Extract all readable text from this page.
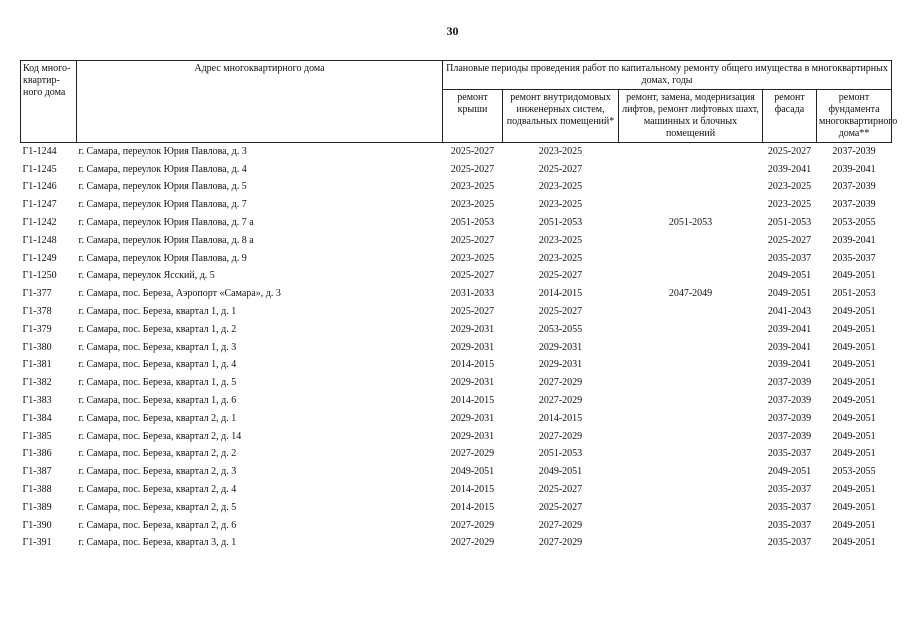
30
Код много-квартир-ного дома	Адрес многоквартирного дома	Плановые периоды проведения работ по капитальному ремонту общего имущества в многоквартирных домах, годы				
		ремонт крыши	ремонт внутридомовых инженерных систем, подвальных помещений*	ремонт, замена, модернизация лифтов, ремонт лифтовых шахт, машинных и блочных помещений	ремонт фасада	ремонт фундамента многоквартирного дома**
Г1-1244	г. Самара, переулок Юрия Павлова, д. 3	2025-2027	2023-2025		2025-2027	2037-2039
Г1-1245	г. Самара, переулок Юрия Павлова, д. 4	2025-2027	2025-2027		2039-2041	2039-2041
Г1-1246	г. Самара, переулок Юрия Павлова, д. 5	2023-2025	2023-2025		2023-2025	2037-2039
Г1-1247	г. Самара, переулок Юрия Павлова, д. 7	2023-2025	2023-2025		2023-2025	2037-2039
Г1-1242	г. Самара, переулок Юрия Павлова, д. 7 а	2051-2053	2051-2053	2051-2053	2051-2053	2053-2055
Г1-1248	г. Самара, переулок Юрия Павлова, д. 8 а	2025-2027	2023-2025		2025-2027	2039-2041
Г1-1249	г. Самара, переулок Юрия Павлова, д. 9	2023-2025	2023-2025		2035-2037	2035-2037
Г1-1250	г. Самара, переулок Ясский, д. 5	2025-2027	2025-2027		2049-2051	2049-2051
Г1-377	г. Самара, пос. Береза, Аэропорт «Самара», д. 3	2031-2033	2014-2015	2047-2049	2049-2051	2051-2053
Г1-378	г. Самара, пос. Береза, квартал 1, д. 1	2025-2027	2025-2027		2041-2043	2049-2051
Г1-379	г. Самара, пос. Береза, квартал 1, д. 2	2029-2031	2053-2055		2039-2041	2049-2051
Г1-380	г. Самара, пос. Береза, квартал 1, д. 3	2029-2031	2029-2031		2039-2041	2049-2051
Г1-381	г. Самара, пос. Береза, квартал 1, д. 4	2014-2015	2029-2031		2039-2041	2049-2051
Г1-382	г. Самара, пос. Береза, квартал 1, д. 5	2029-2031	2027-2029		2037-2039	2049-2051
Г1-383	г. Самара, пос. Береза, квартал 1, д. 6	2014-2015	2027-2029		2037-2039	2049-2051
Г1-384	г. Самара, пос. Береза, квартал 2, д. 1	2029-2031	2014-2015		2037-2039	2049-2051
Г1-385	г. Самара, пос. Береза, квартал 2, д. 14	2029-2031	2027-2029		2037-2039	2049-2051
Г1-386	г. Самара, пос. Береза, квартал 2, д. 2	2027-2029	2051-2053		2035-2037	2049-2051
Г1-387	г. Самара, пос. Береза, квартал 2, д. 3	2049-2051	2049-2051		2049-2051	2053-2055
Г1-388	г. Самара, пос. Береза, квартал 2, д. 4	2014-2015	2025-2027		2035-2037	2049-2051
Г1-389	г. Самара, пос. Береза, квартал 2, д. 5	2014-2015	2025-2027		2035-2037	2049-2051
Г1-390	г. Самара, пос. Береза, квартал 2, д. 6	2027-2029	2027-2029		2035-2037	2049-2051
Г1-391	г. Самара, пос. Береза, квартал 3, д. 1	2027-2029	2027-2029		2035-2037	2049-2051
